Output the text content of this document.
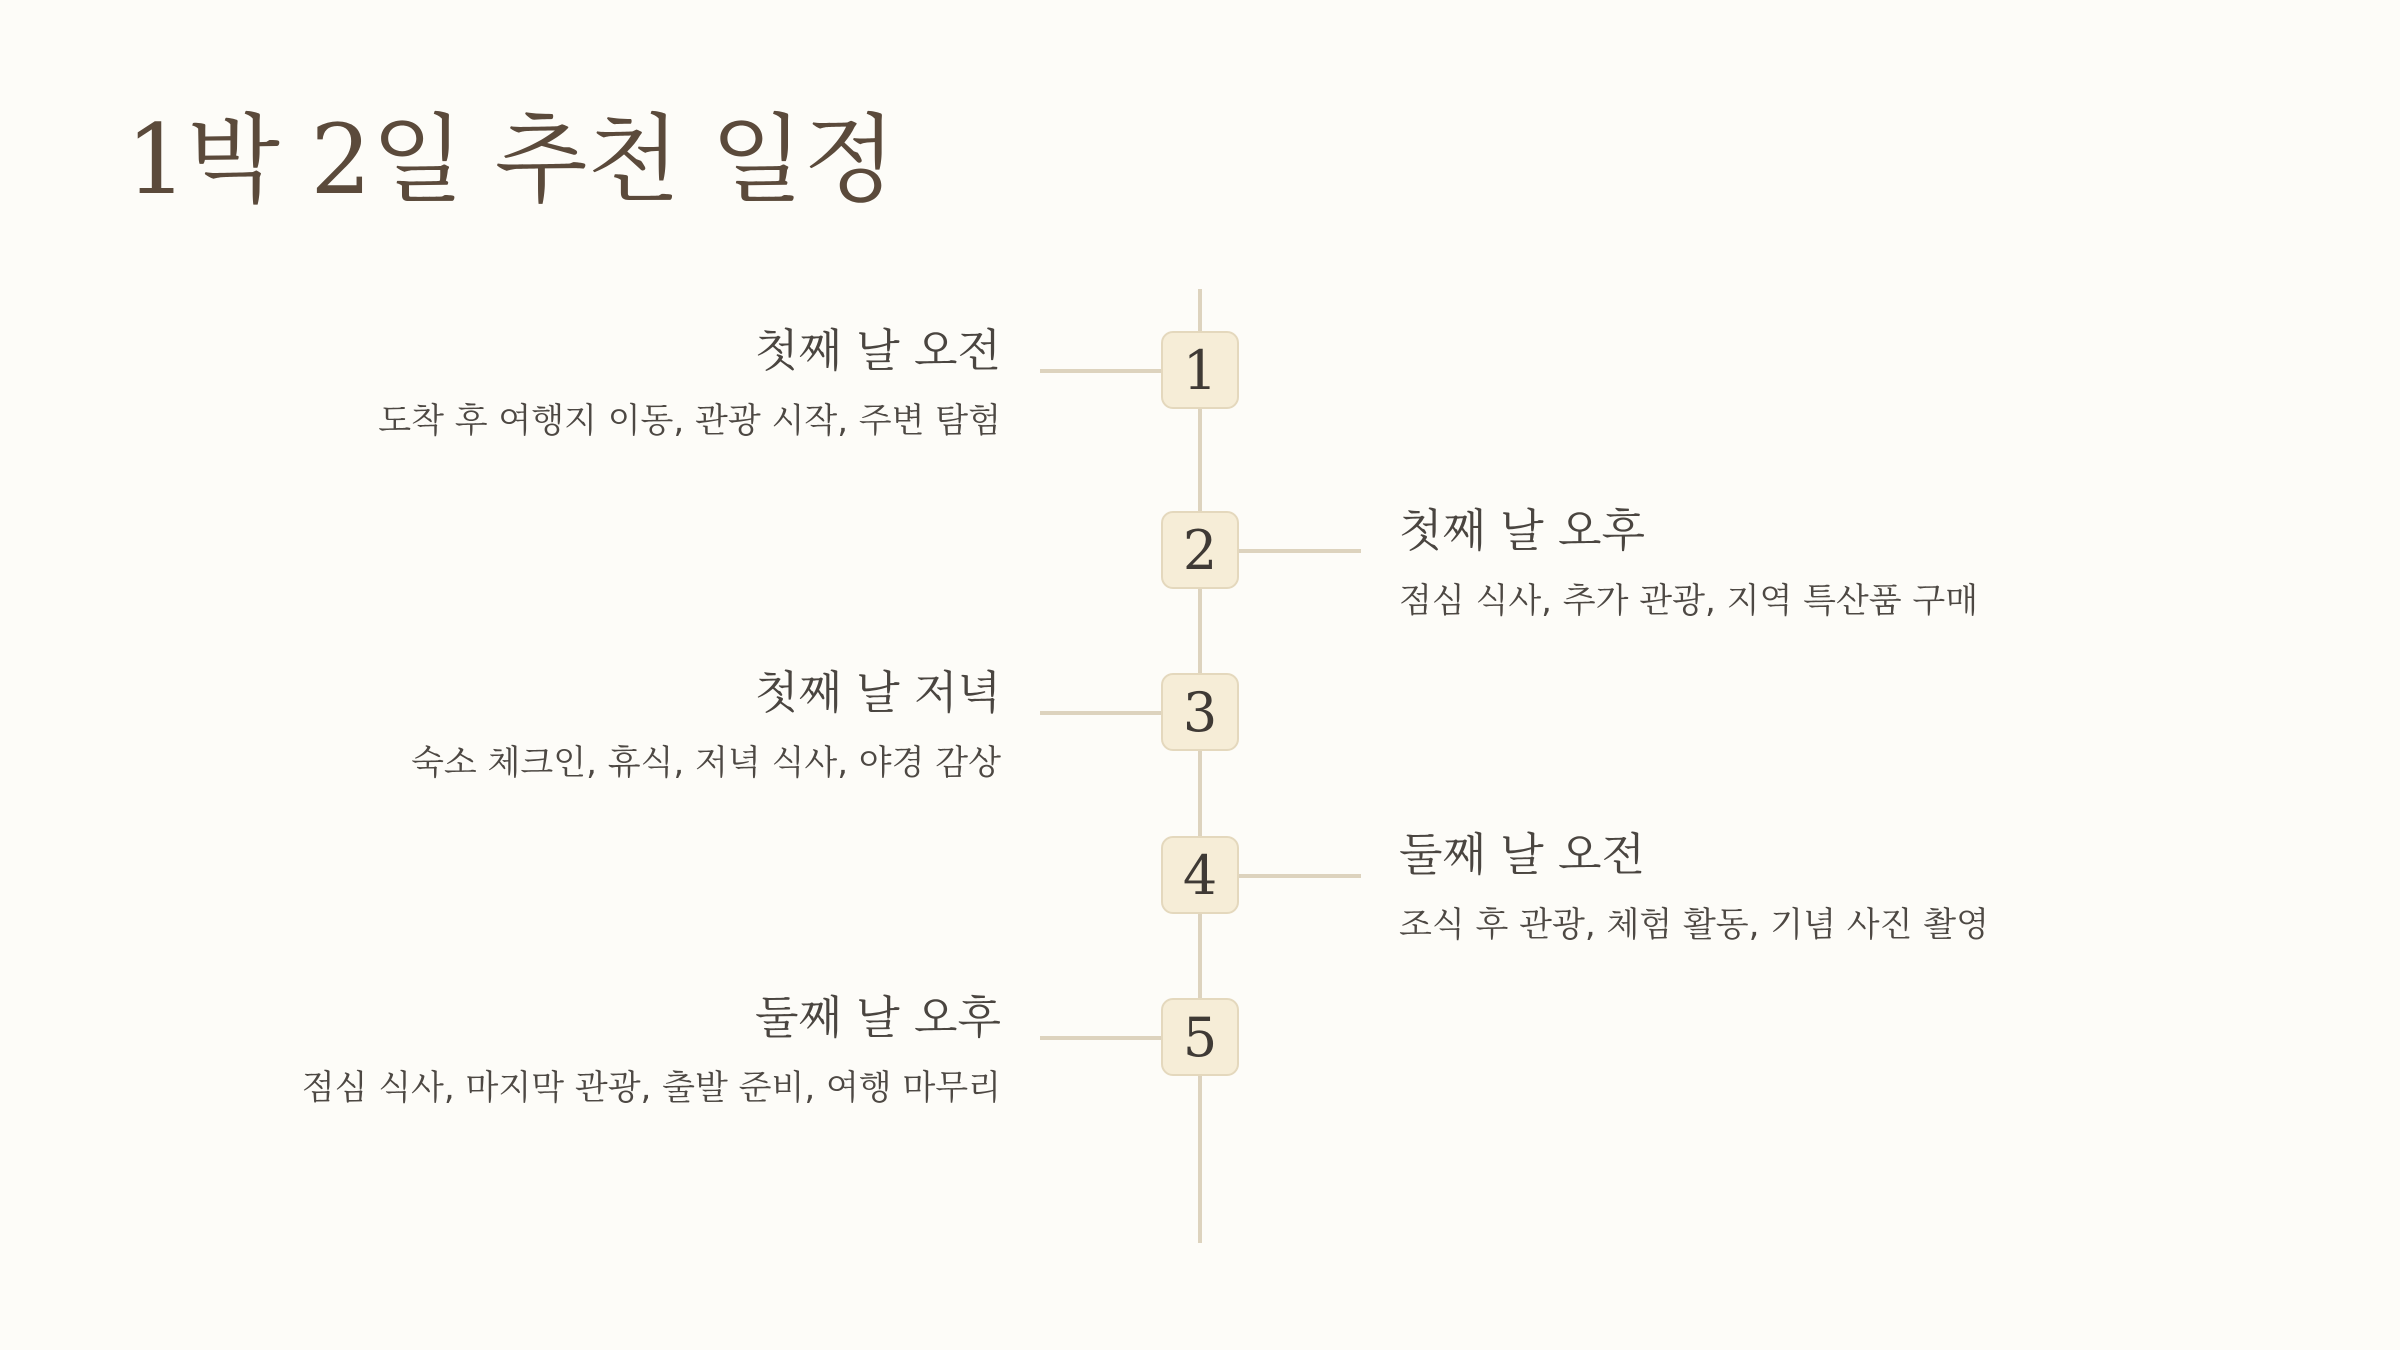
1박 2일 추천 일정
첫째 날 오전
도착 후 여행지 이동, 관광 시작, 주변 탐험
1
2	첫째 날 오후
점심 식사, 추가 관광, 지역 특산품 구매
첫째 날 저녁
숙소 체크인, 휴식, 저녁 식사, 야경 감상
3
4	둘째 날 오전
조식 후 관광, 체험 활동, 기념 사진 촬영
둘째 날 오후
점심 식사, 마지막 관광, 출발 준비, 여행 마무리
5
